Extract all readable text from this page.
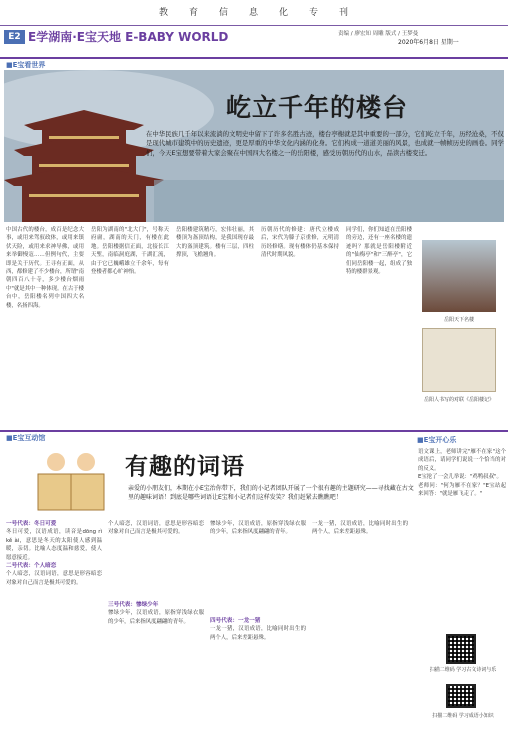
教育信息化专刊
E2 E学湖南·E宝天地 E-BABY WORLD	责编 / 廖宏知 周雕 版式 / 王梦曼
2020年6月8日 星期一
■E宝看世界
屹立千年的楼台
在中华民族几千年以来流淌的文明史中留下了许多名胜古迹，楼台亭榭就是其中重要的一部分，它们屹立千年，历经沧桑，不仅是现代城市建筑中的历史遗迹，更是厚重的中华文化内涵的化身。它们构成一道道美丽的风景，也成就一帧帧历史的画卷。同学们，今天E宝想要带着大家会聚在中国四大名楼之一的岳阳楼，感受历朝历代的山水，品读古楼变迁。
中国古代的楼台，成百是纪念大事，或用来驾驭政体，或用来镇伏天险，或用来求神导佛，或用来举御慢寇……但例句代，主要即是关于历代。王寻有正面，从西，都修建了不少楼台，所谓"南朝四百八十寺，多少楼台烟雨中"就是其中一种体现。在古于楼台中，岳阳楼名列中国四大名楼，名扬四海。
岳阳为湖南的"北大门"，号称天府庸，湖南的天门，有楼在此地。岳阳楼据信正面，北接长江天堑，南临洞庭湖，千湖汇流，由于它已巍峨雄立千余年，每有登楼者都心旷神怡。
岳阳楼建筑精巧，宏伟壮丽，其楼顶为盔顶结构，是我国现存最大的盔顶建筑。楼有三层，四柱撑顶，飞檐翘角。
历朝历代的修建：唐代立楼成后，宋代为滕子京重修，元明清历经修缮。现有楼体仍基本保持清代时期风貌。
同学们，你们知道在岳阳楼的旁边，还有一座名楼的遗迹吗？那就是岳阳楼附近的"仙梅亭"和"三醉亭"，它们同岳阳楼一起，组成了独特的楼群景观。
岳阳天下名楼
岳阳人书写的对联《岳阳楼记》
■E宝互动馆
有趣的词语
亲爱的小朋友们，本期在小E宝治你带下，我们的小记者团队开展了一个很有趣的主题研究——寻找藏在古文里的趣味词语！到底是哪些词语让E宝和小记者们这样发笑？我们赶紧去瞧瞧吧！
一号代表：冬日可爱
冬日可爱，汉语成语，读音是dōng rì kě ài，意思是冬天的太阳使人感到温暖，亲切。比喻人态度温和慈爱，使人愿意接近。
二号代表：个人暗恋
个人暗恋，汉语词语，意思是形容暗恋对象对自己而言是极其可爱的。
个人暗恋，汉语词语，意思是形容暗恋对象对自己而言是极其可爱的。
三号代表：惨绿少年
惨绿少年，汉语成语，原指穿浅绿衣服的少年，后来指风度翩翩的青年。
惨绿少年，汉语成语，原指穿浅绿衣服的少年，后来指风度翩翩的青年。
四号代表：一龙一猪
一龙一猪，汉语成语，比喻同时出生的两个人，后来差距悬殊。
一龙一猪，汉语成语，比喻同时出生的两个人，后来差距悬殊。
■E宝开心乐
语文课上，老师讲完"雁不在家"这个成语后，请同学们说说一个恰当的对的反义。
E宝抢了一会儿举说："鸡鸭叔叔"。
老师问："何为雁不在家？"E宝站起来回答："就是雁飞走了。"
扫描二维码 学习古文诗词与乐
扫描二维码 学习成语小知识
